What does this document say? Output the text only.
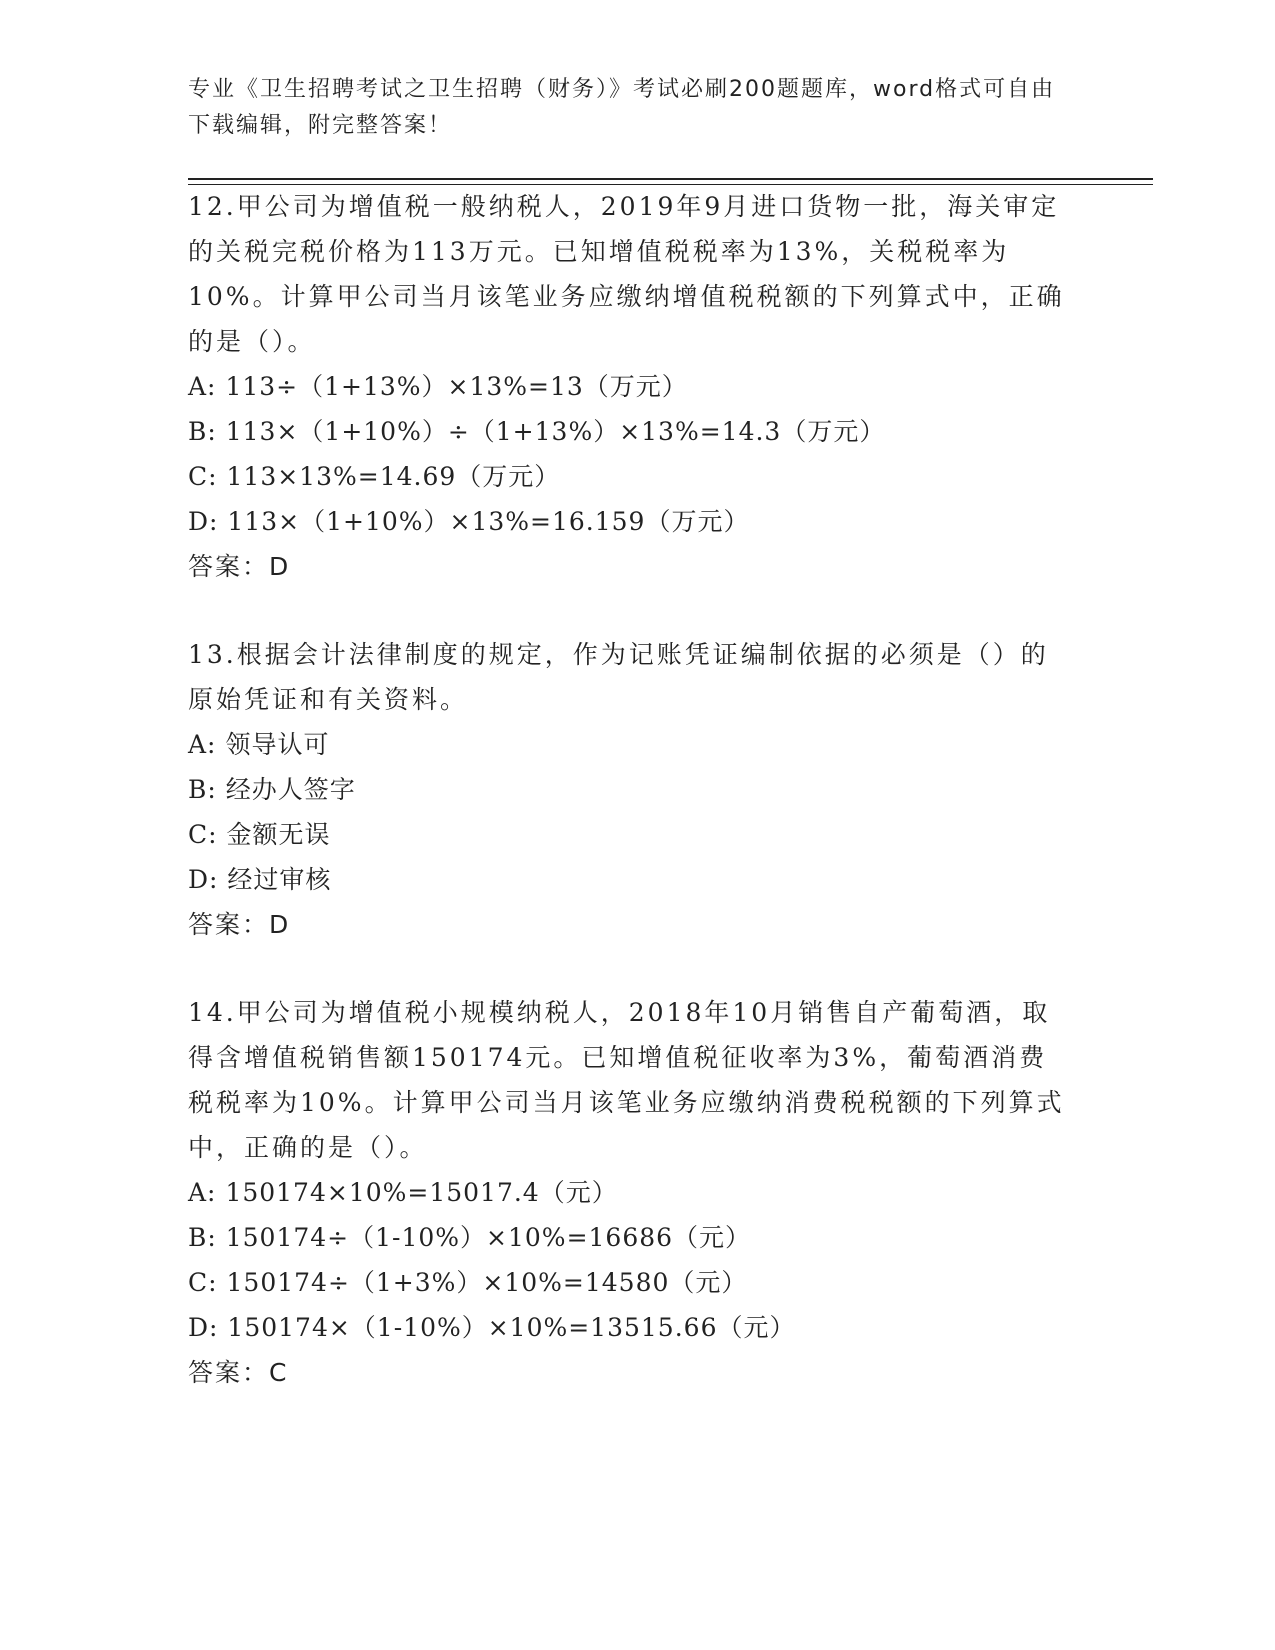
专业《卫生招聘考试之卫生招聘（财务）》考试必刷200题题库，word格式可自由下载编辑，附完整答案！

12.甲公司为增值税一般纳税人，2019年9月进口货物一批，海关审定的关税完税价格为113万元。已知增值税税率为13%，关税税率为10%。计算甲公司当月该笔业务应缴纳增值税税额的下列算式中，正确的是（）。

A: 113÷（1+13%）×13%=13（万元）

B: 113×（1+10%）÷（1+13%）×13%=14.3（万元）

C: 113×13%=14.69（万元）

D: 113×（1+10%）×13%=16.159（万元）

答案：D

13.根据会计法律制度的规定，作为记账凭证编制依据的必须是（）的原始凭证和有关资料。

A: 领导认可

B: 经办人签字

C: 金额无误

D: 经过审核

答案：D

14.甲公司为增值税小规模纳税人，2018年10月销售自产葡萄酒，取得含增值税销售额150174元。已知增值税征收率为3%，葡萄酒消费税税率为10%。计算甲公司当月该笔业务应缴纳消费税税额的下列算式中，正确的是（）。

A: 150174×10%=15017.4（元）

B: 150174÷（1-10%）×10%=16686（元）

C: 150174÷（1+3%）×10%=14580（元）

D: 150174×（1-10%）×10%=13515.66（元）

答案：C
